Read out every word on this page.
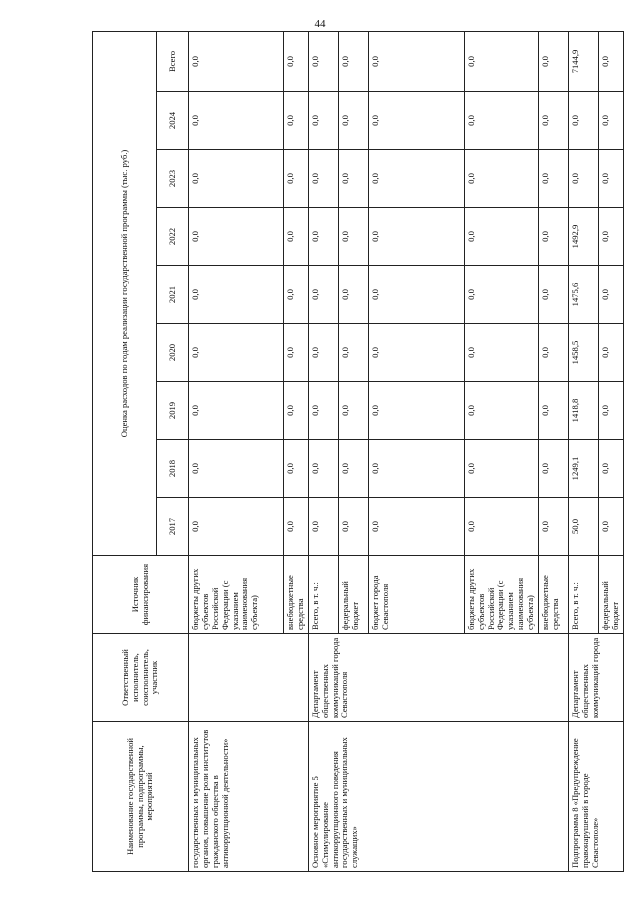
44
Наименование государственной программы, подпрограммы, мероприятий	Ответственный исполнитель, соисполнитель, участник	Источник финансирования	Оценка расходов по годам реализации государственной программы (тыс. руб.)								
			2017	2018	2019	2020	2021	2022	2023	2024	Всего
государственных и муниципальных органов, повышение роли институтов гражданского общества в антикоррупционной деятельности»		бюджеты других субъектов Российской Федерации (с указанием наименования субъекта)	0,0	0,0	0,0	0,0	0,0	0,0	0,0	0,0	0,0
		внебюджетные средства	0,0	0,0	0,0	0,0	0,0	0,0	0,0	0,0	0,0
Основное мероприятие 5 «Стимулирование антикоррупционного поведения государственных и муниципальных служащих»	Департамент общественных коммуникаций города Севастополя	Всего, в т. ч.:	0,0	0,0	0,0	0,0	0,0	0,0	0,0	0,0	0,0
		федеральный бюджет	0,0	0,0	0,0	0,0	0,0	0,0	0,0	0,0	0,0
		бюджет города Севастополя	0,0	0,0	0,0	0,0	0,0	0,0	0,0	0,0	0,0
		бюджеты других субъектов Российской Федерации (с указанием наименования субъекта)	0,0	0,0	0,0	0,0	0,0	0,0	0,0	0,0	0,0
		внебюджетные средства	0,0	0,0	0,0	0,0	0,0	0,0	0,0	0,0	0,0
Подпрограмма 8 «Предупреждение правонарушений в городе Севастополе»	Департамент общественных коммуникаций города	Всего, в т. ч.:	50,0	1249,1	1418,8	1458,5	1475,6	1492,9	0,0	0,0	7144,9
		федеральный бюджет	0,0	0,0	0,0	0,0	0,0	0,0	0,0	0,0	0,0
